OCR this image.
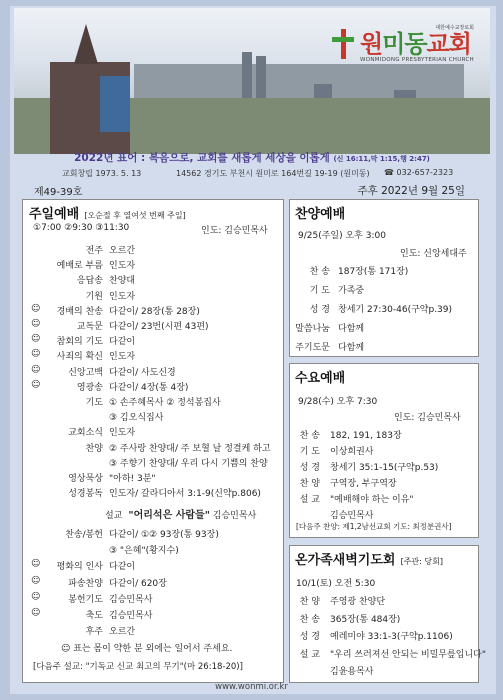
대한예수교장로회
원미동교회
WONMIDONG PRESBYTERIAN CHURCH
2022년 표어 : 복음으로, 교회를 새롭게 세상을 이롭게 (신 16:11,막 1:15,행 2:47)
교회창립 1973. 5. 13	14562 경기도 부천시 원미로 164번길 19-19 (원미동) ☎ 032-657-2323
제49-39호	주후 2022년 9월 25일
주일예배 [오순절 후 열여섯 번째 주일]
①7:00 ②9:30 ③11:30	인도: 김승민목사
전주 오르간
예배로 부름 인도자
응답송 찬양대
기원 인도자
☺	경배의 찬송 다같이/ 28장(통 28장)
☺	교독문 다같이/ 23번(시편 43편)
☺	참회의 기도 다같이
☺	사죄의 확신 인도자
☺	신앙고백 다같이/ 사도신경
☺	영광송 다같이/ 4장(통 4장)
기도 ① 손주혜목사 ② 정석봉집사
③ 김오식집사
교회소식 인도자
찬양 ② 주사랑 찬양대/ 주 보혈 날 정결케 하고
③ 주향기 찬양대/ 우리 다시 기쁨의 찬양
영상묵상 "아하! 3분"
성경봉독 인도자/ 갈라디아서 3:1-9(신약p.806)
설교 "어리석은 사람들" 김승민목사
찬송/봉헌 다같이/ ①② 93장(통 93장)
③ "은혜"(황지수)
☺	평화의 인사 다같이
☺	파송찬양 다같이/ 620장
☺	봉헌기도 김승민목사
☺	축도 김승민목사
후주 오르간
☺ 표는 몸이 약한 분 외에는 일어서 주세요.
[다음주 설교: "기독교 신교 최고의 무기"(마 26:18-20)]
찬양예배
9/25(주일) 오후 3:00
인도: 신앙세대주
찬 송 187장(통 171장)
기 도 가족중
성 경 창세기 27:30-46(구약p.39)
말씀나눔 다함께
주기도문 다함께
수요예배
9/28(수) 오후 7:30
인도: 김승민목사
찬 송 182, 191, 183장
기 도 이상희권사
성 경 창세기 35:1-15(구약p.53)
찬 양 구역장, 부구역장
설 교 "예배해야 하는 이유"
김승민목사
[다음주 찬양: 제1,2남선교회 기도: 최정분권사]
온가족새벽기도회 [주관: 당회]
10/1(토) 오전 5:30
찬 양 주영광 찬양단
찬 송 365장(통 484장)
성 경 예레미야 33:1-3(구약p.1106)
설 교 "우리 쓰러져선 안되는 비밀무릎입니다"
김윤용목사
www.wonmi.or.kr
